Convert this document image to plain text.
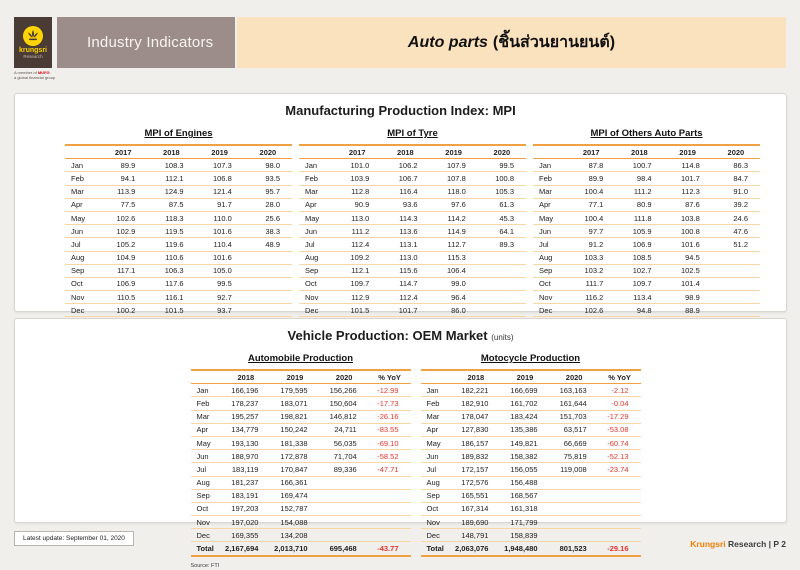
krungsri
Research
A member of MUFG
a global financial group
Industry Indicators	Auto parts (ชิ้นส่วนยานยนต์)
Manufacturing Production Index: MPI
MPI of Engines
	2017	2018	2019	2020
Jan	89.9	108.3	107.3	98.0
Feb	94.1	112.1	106.8	93.5
Mar	113.9	124.9	121.4	95.7
Apr	77.5	87.5	91.7	28.0
May	102.6	118.3	110.0	25.6
Jun	102.9	119.5	101.6	38.3
Jul	105.2	119.6	110.4	48.9
Aug	104.9	110.6	101.6	
Sep	117.1	106.3	105.0	
Oct	106.9	117.6	99.5	
Nov	110.5	116.1	92.7	
Dec	100.2	101.5	93.7	

MPI of Tyre
	2017	2018	2019	2020
Jan	101.0	106.2	107.9	99.5
Feb	103.9	106.7	107.8	100.8
Mar	112.8	116.4	118.0	105.3
Apr	90.9	93.6	97.6	61.3
May	113.0	114.3	114.2	45.3
Jun	111.2	113.6	114.9	64.1
Jul	112.4	113.1	112.7	89.3
Aug	109.2	113.0	115.3	
Sep	112.1	115.6	106.4	
Oct	109.7	114.7	99.0	
Nov	112.9	112.4	96.4	
Dec	101.5	101.7	86.0	

MPI of Others Auto Parts
	2017	2018	2019	2020
Jan	87.8	100.7	114.8	86.3
Feb	89.9	98.4	101.7	84.7
Mar	100.4	111.2	112.3	91.0
Apr	77.1	80.9	87.6	39.2
May	100.4	111.8	103.8	24.6
Jun	97.7	105.9	100.8	47.6
Jul	91.2	106.9	101.6	51.2
Aug	103.3	108.5	94.5	
Sep	103.2	102.7	102.5	
Oct	111.7	109.7	101.4	
Nov	116.2	113.4	98.9	
Dec	102.6	94.8	88.9	

Vehicle Production: OEM Market (units)
Automobile Production
	2018	2019	2020	% YoY
Jan	166,196	179,595	156,266	-12.99
Feb	178,237	183,071	150,604	-17.73
Mar	195,257	198,821	146,812	-26.16
Apr	134,779	150,242	24,711	-83.55
May	193,130	181,338	56,035	-69.10
Jun	188,970	172,878	71,704	-58.52
Jul	183,119	170,847	89,336	-47.71
Aug	181,237	166,361		
Sep	183,191	169,474		
Oct	197,203	152,787		
Nov	197,020	154,088		
Dec	169,355	134,208		
Total	2,167,694	2,013,710	695,468	-43.77
Source: FTI
Motocycle Production
	2018	2019	2020	% YoY
Jan	182,221	166,699	163,163	-2.12
Feb	182,910	161,702	161,644	-0.04
Mar	178,047	183,424	151,703	-17.29
Apr	127,830	135,386	63,517	-53.08
May	186,157	149,821	66,669	-60.74
Jun	189,832	158,382	75,819	-52.13
Jul	172,157	156,055	119,008	-23.74
Aug	172,576	156,488		
Sep	165,551	168,567		
Oct	167,314	161,318		
Nov	189,690	171,799		
Dec	148,791	158,839		
Total	2,063,076	1,948,480	801,523	-29.16
Latest update: September 01, 2020
Krungsri Research | P 2
